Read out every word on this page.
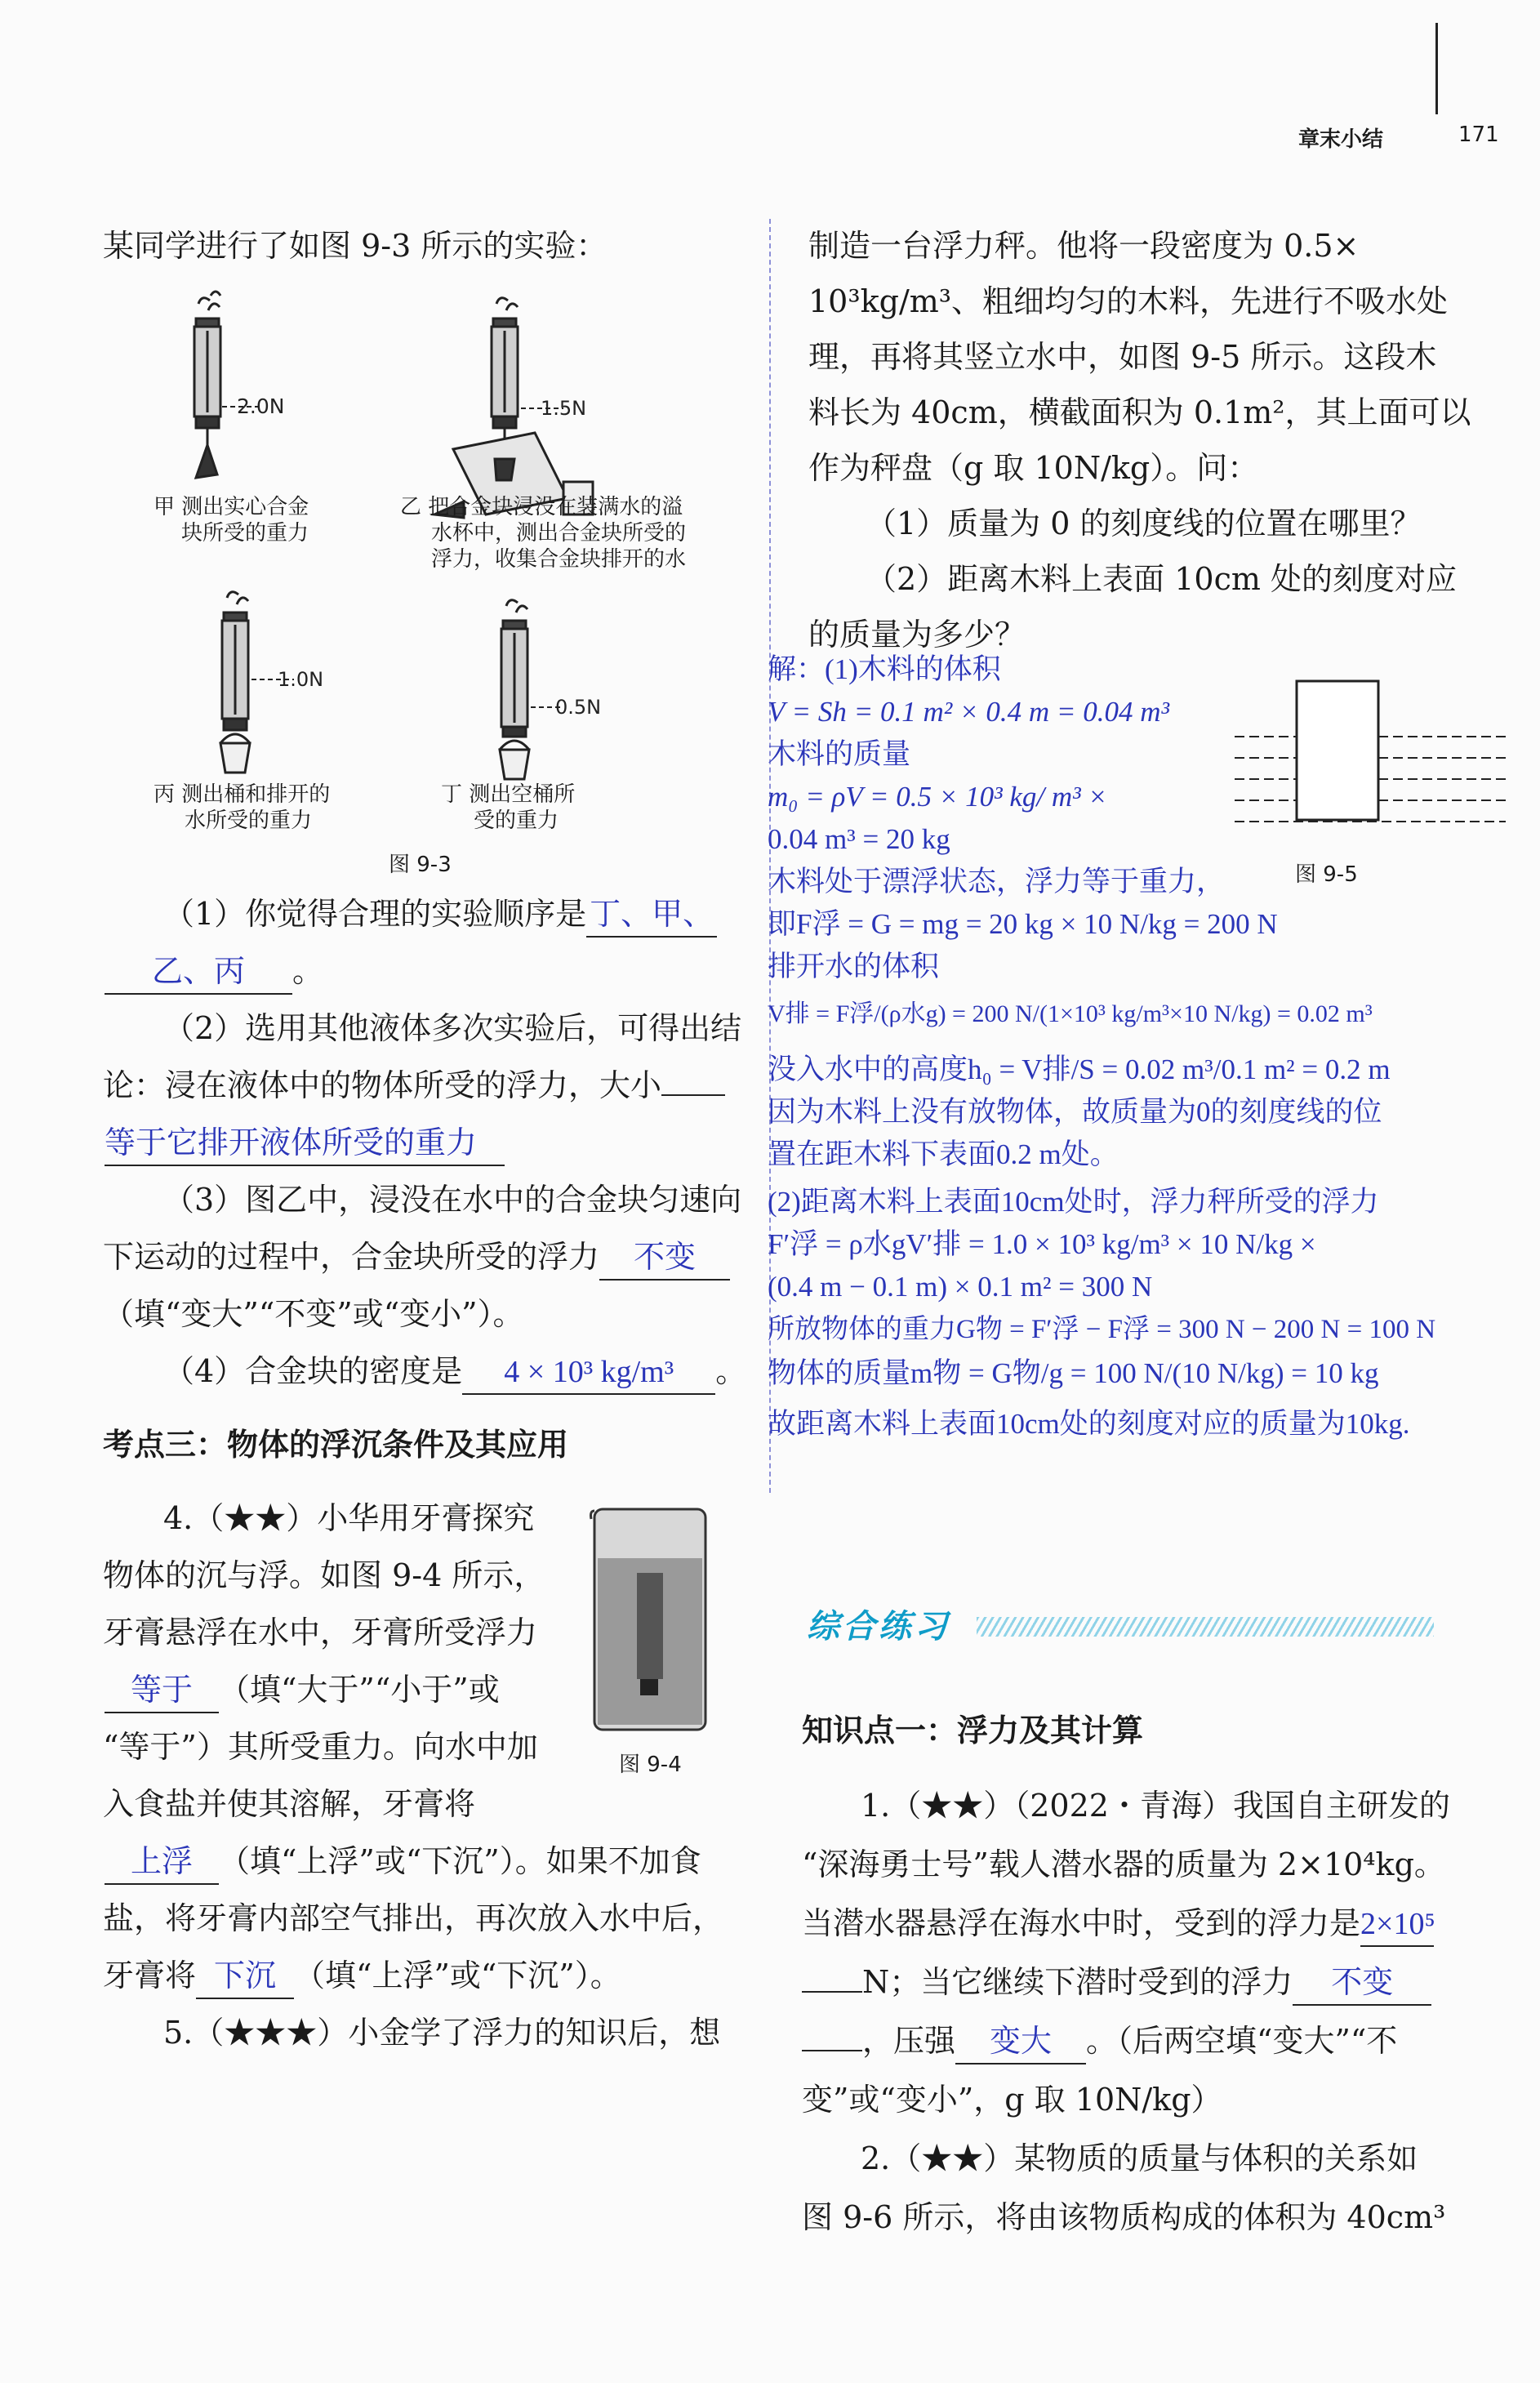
章末小结	171
某同学进行了如图 9-3 所示的实验：
2.0N	1.5N
1.0N
0.5N
甲 测出实心合金
块所受的重力
乙 把合金块浸没在装满水的溢
水杯中，测出合金块所受的
浮力，收集合金块排开的水
丙 测出桶和排开的
水所受的重力
丁 测出空桶所
受的重力
图 9-3
（1）你觉得合理的实验顺序是 丁、甲、
乙、丙 。
（2）选用其他液体多次实验后，可得出结
论：浸在液体中的物体所受的浮力，大小
等于它排开液体所受的重力
（3）图乙中，浸没在水中的合金块匀速向
下运动的过程中，合金块所受的浮力 不变
（填“变大”“不变”或“变小”）。
（4）合金块的密度是 4 × 10³ kg/m³ 。
考点三：物体的浮沉条件及其应用
4.（★★）小华用牙膏探究
物体的沉与浮。如图 9-4 所示，
牙膏悬浮在水中，牙膏所受浮力
等于 （填“大于”“小于”或
“等于”）其所受重力。向水中加
入食盐并使其溶解，牙膏将
上浮 （填“上浮”或“下沉”）。如果不加食
盐，将牙膏内部空气排出，再次放入水中后，
牙膏将 下沉 （填“上浮”或“下沉”）。
图 9-4
5.（★★★）小金学了浮力的知识后，想
制造一台浮力秤。他将一段密度为 0.5×
10³kg/m³、粗细均匀的木料，先进行不吸水处
理，再将其竖立水中，如图 9-5 所示。这段木
料长为 40cm，横截面积为 0.1m²，其上面可以
作为秤盘（g 取 10N/kg）。问：
（1）质量为 0 的刻度线的位置在哪里？
（2）距离木料上表面 10cm 处的刻度对应
的质量为多少？
解：(1)木料的体积
V = Sh = 0.1 m² × 0.4 m = 0.04 m³
木料的质量
m₀ = ρV = 0.5 × 10³ kg/ m³ ×
0.04 m³ = 20 kg
木料处于漂浮状态，浮力等于重力，
即F浮 = G = mg = 20 kg × 10 N/kg = 200 N
排开水的体积
V排 = F浮/(ρ水g) = 200 N/(1×10³ kg/m³×10 N/kg) = 0.02 m³
没入水中的高度h₀ = V排/S = 0.02 m³/0.1 m² = 0.2 m
因为木料上没有放物体，故质量为0的刻度线的位
置在距木料下表面0.2 m处。
(2)距离木料上表面10cm处时，浮力秤所受的浮力
F′浮 = ρ水gV′排 = 1.0 × 10³ kg/m³ × 10 N/kg ×
(0.4 m − 0.1 m) × 0.1 m² = 300 N
所放物体的重力G物 = F′浮 − F浮 = 300 N − 200 N = 100 N
物体的质量m物 = G物/g = 100 N/(10 N/kg) = 10 kg
故距离木料上表面10cm处的刻度对应的质量为10kg.
图 9-5
综合练习
知识点一：浮力及其计算
1.（★★）（2022・青海）我国自主研发的
“深海勇士号”载人潜水器的质量为 2×10⁴kg。
当潜水器悬浮在海水中时，受到的浮力是2×10⁵
N；当它继续下潜时受到的浮力 不变
，压强 变大 。（后两空填“变大”“不
变”或“变小”，g 取 10N/kg）
2.（★★）某物质的质量与体积的关系如
图 9-6 所示，将由该物质构成的体积为 40cm³
